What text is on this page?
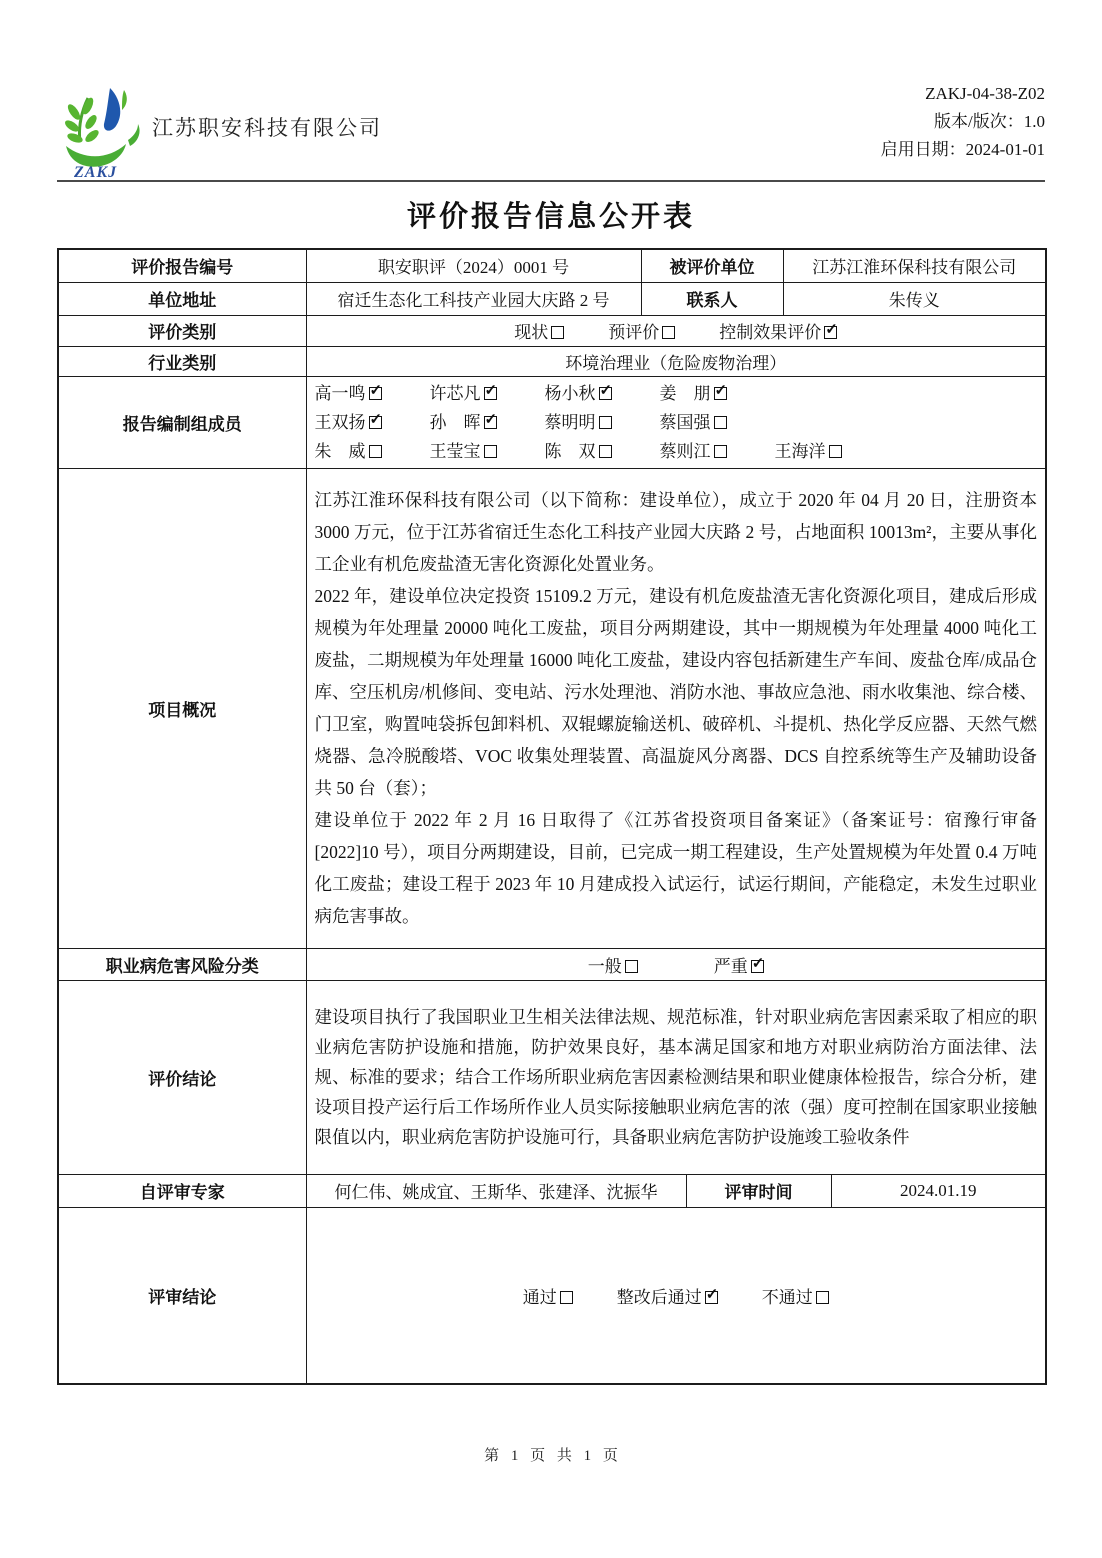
ZAKJ
江苏职安科技有限公司
ZAKJ-04-38-Z02
版本/版次：1.0
启用日期：2024-01-01
评价报告信息公开表
评价报告编号	职安职评（2024）0001 号	被评价单位		江苏江淮环保科技有限公司	
单位地址	宿迁生态化工科技产业园大庆路 2 号	联系人		朱传义	
评价类别	现状 预评价 控制效果评价✓
行业类别	环境治理业（危险废物治理）				
报告编制组成员	高一鸣 ✓ 许芯凡 ✓ 杨小秋 ✓ 姜　朋✓
王双扬 ✓ 孙　晖 ✓ 蔡明明 蔡国强
朱　威 王莹宝 陈　双 蔡则江 王海洋

项目概况	江苏江淮环保科技有限公司（以下简称：建设单位），成立于 2020 年 04 月 20 日，注册资本 3000 万元，位于江苏省宿迁生态化工科技产业园大庆路 2 号，占地面积 10013m²，主要从事化工企业有机危废盐渣无害化资源化处置业务。
2022 年，建设单位决定投资 15109.2 万元，建设有机危废盐渣无害化资源化项目，建成后形成规模为年处理量 20000 吨化工废盐，项目分两期建设，其中一期规模为年处理量 4000 吨化工废盐，二期规模为年处理量 16000 吨化工废盐，建设内容包括新建生产车间、废盐仓库/成品仓库、空压机房/机修间、变电站、污水处理池、消防水池、事故应急池、雨水收集池、综合楼、门卫室，购置吨袋拆包卸料机、双辊螺旋输送机、破碎机、斗提机、热化学反应器、天然气燃烧器、急冷脱酸塔、VOC 收集处理装置、高温旋风分离器、DCS 自控系统等生产及辅助设备共 50 台（套）；
建设单位于 2022 年 2 月 16 日取得了《江苏省投资项目备案证》（备案证号：宿豫行审备[2022]10 号），项目分两期建设，目前，已完成一期工程建设，生产处置规模为年处置 0.4 万吨化工废盐；建设工程于 2023 年 10 月建成投入试运行，试运行期间，产能稳定，未发生过职业病危害事故。				

职业病危害风险分类	一般 严重✓
评价结论	建设项目执行了我国职业卫生相关法律法规、规范标准，针对职业病危害因素采取了相应的职业病危害防护设施和措施，防护效果良好，基本满足国家和地方对职业病防治方面法律、法规、标准的要求；结合工作场所职业病危害因素检测结果和职业健康体检报告，综合分析，建设项目投产运行后工作场所作业人员实际接触职业病危害的浓（强）度可控制在国家职业接触限值以内，职业病危害防护设施可行，具备职业病危害防护设施竣工验收条件				

自评审专家	何仁伟、姚成宜、王斯华、张建泽、沈振华		评审时间		2024.01.19
评审结论	通过 整改后通过 ✓ 不通过
第 1 页 共 1 页
